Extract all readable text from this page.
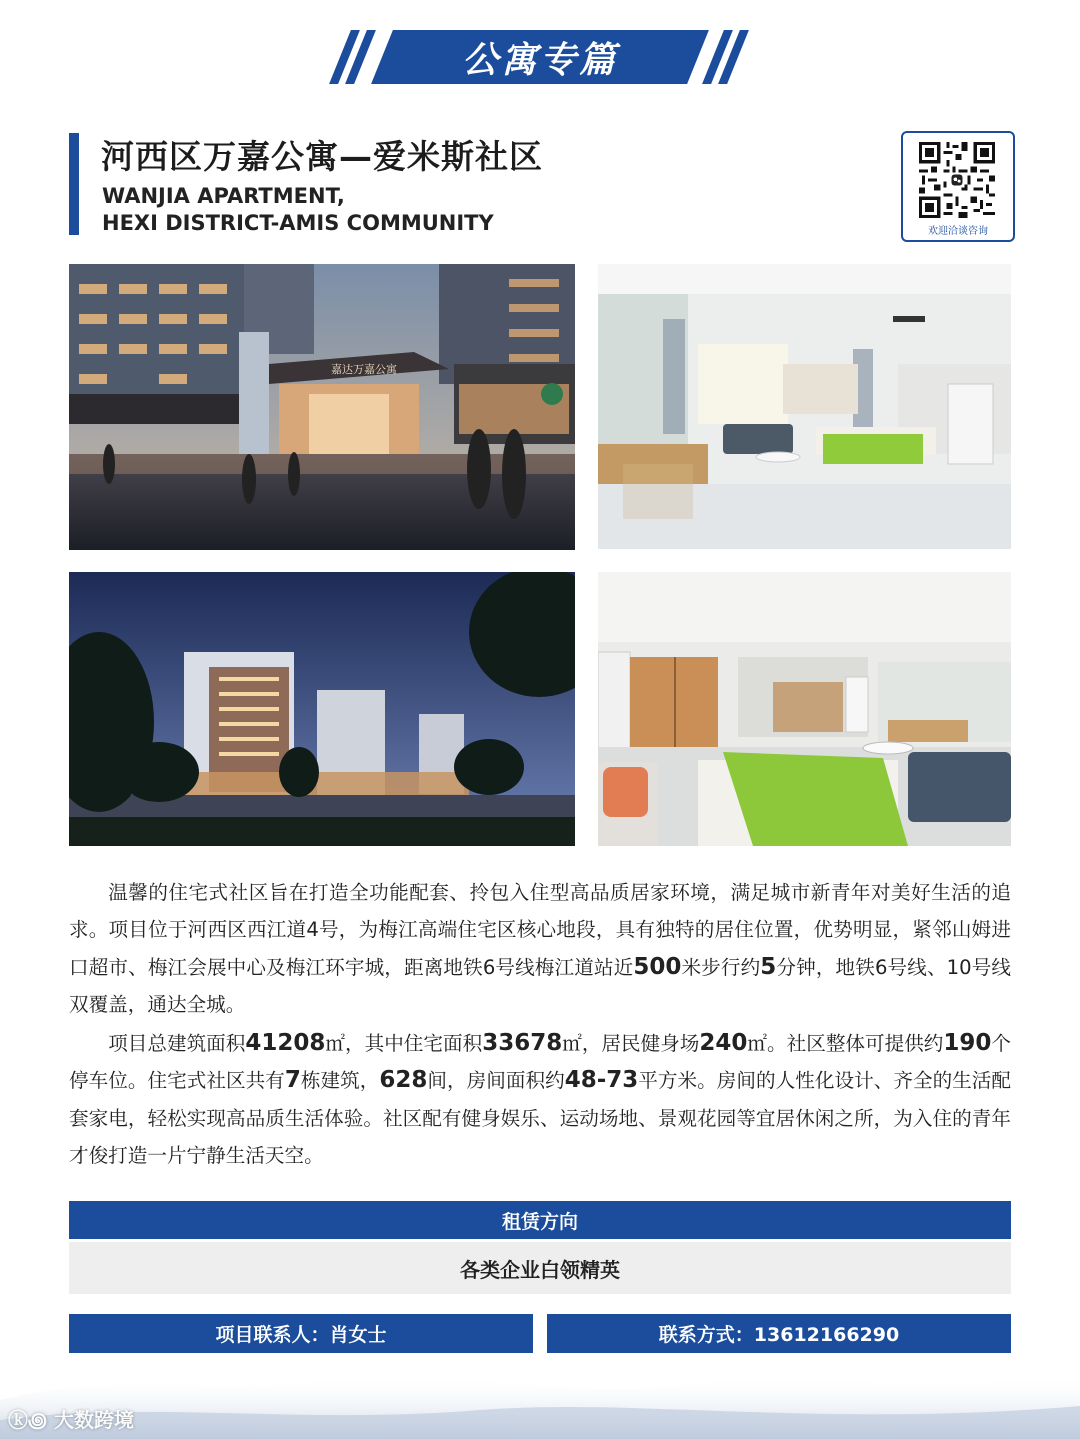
公寓专篇
河西区万嘉公寓—爱米斯社区
WANJIA APARTMENT,
HEXI DISTRICT-AMIS COMMUNITY	欢迎洽谈咨询
嘉达万嘉公寓

温馨的住宅式社区旨在打造全功能配套、拎包入住型高品质居家环境，满足城市新青年对美好生活的追求。项目位于河西区西江道4号，为梅江高端住宅区核心地段，具有独特的居住位置，优势明显，紧邻山姆进口超市、梅江会展中心及梅江环宇城，距离地铁6号线梅江道站近500米步行约5分钟，地铁6号线、10号线双覆盖，通达全城。

项目总建筑面积41208㎡，其中住宅面积33678㎡，居民健身场240㎡。社区整体可提供约190个停车位。住宅式社区共有7栋建筑，628间，房间面积约48-73平方米。房间的人性化设计、齐全的生活配套家电，轻松实现高品质生活体验。社区配有健身娱乐、运动场地、景观花园等宜居休闲之所，为入住的青年才俊打造一片宁静生活天空。

租赁方向
各类企业白领精英
项目联系人：肖女士	联系方式：13612166290
ⓚ꩜ 大数跨境
